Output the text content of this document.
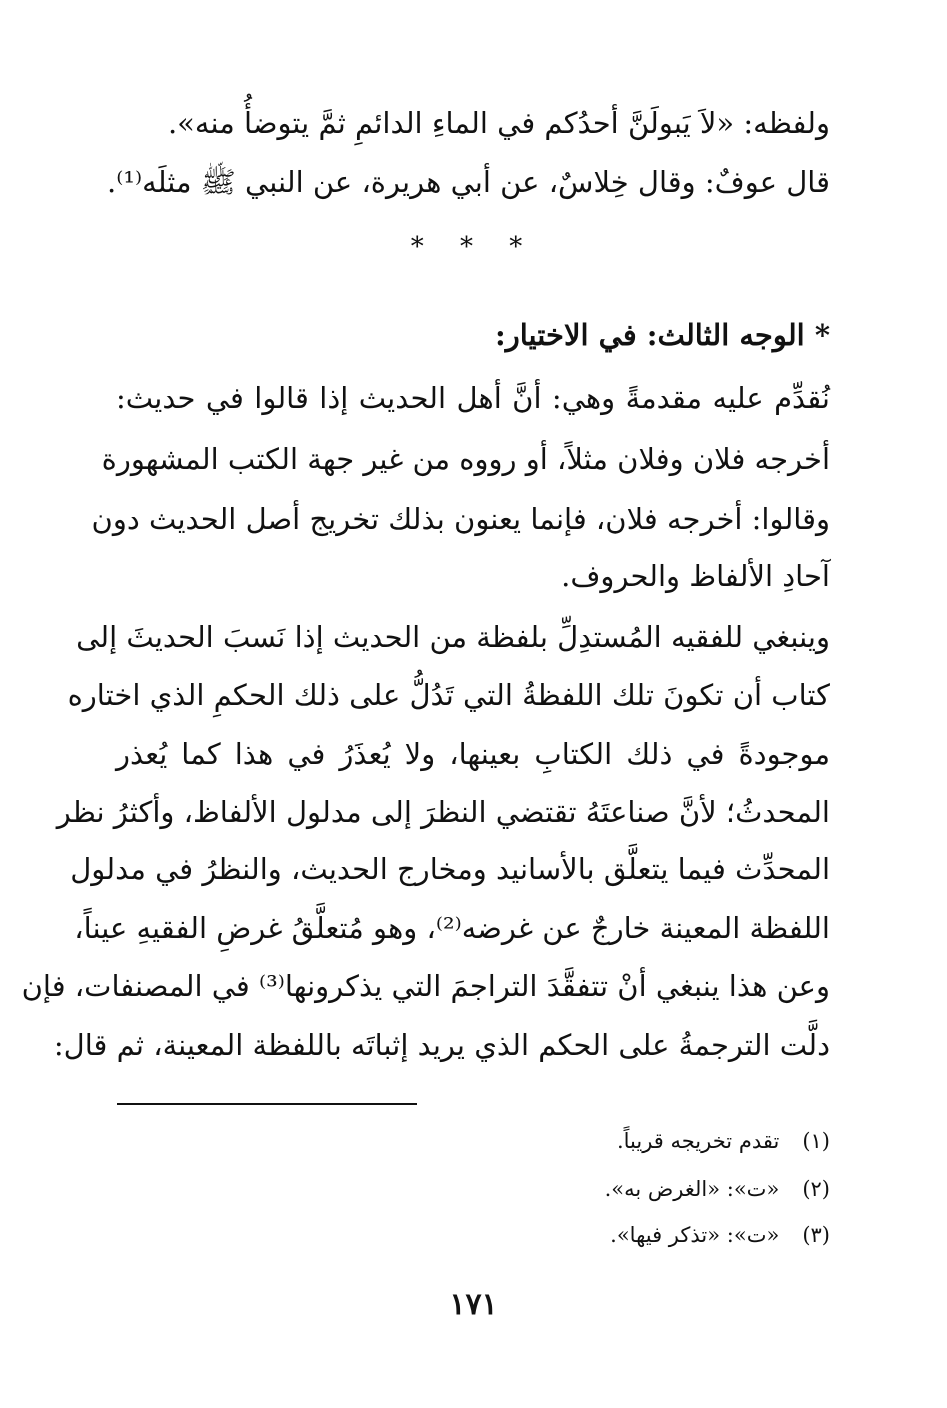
ولفظه: «لاَ يَبولَنَّ أحدُكم في الماءِ الدائمِ ثمَّ يتوضأُ منه».
قال عوفٌ: وقال خِلاسٌ، عن أبي هريرة، عن النبي ﷺ مثلَه⁽¹⁾.
* * *
* الوجه الثالث: في الاختيار:
نُقدِّم عليه مقدمةً وهي: أنَّ أهل الحديث إذا قالوا في حديث:
أخرجه فلان وفلان مثلاً، أو رووه من غير جهة الكتب المشهورة
وقالوا: أخرجه فلان، فإنما يعنون بذلك تخريج أصل الحديث دون
آحادِ الألفاظ والحروف.
وينبغي للفقيه المُستدِلِّ بلفظة من الحديث إذا نَسبَ الحديثَ إلى
كتاب أن تكونَ تلك اللفظةُ التي تَدُلُّ على ذلك الحكمِ الذي اختاره
موجودةً في ذلك الكتابِ بعينها، ولا يُعذَرُ في هذا كما يُعذر
المحدثُ؛ لأنَّ صناعتَهُ تقتضي النظرَ إلى مدلول الألفاظ، وأكثرُ نظر
المحدِّث فيما يتعلَّق بالأسانيد ومخارج الحديث، والنظرُ في مدلول
اللفظة المعينة خارجٌ عن غرضه⁽²⁾، وهو مُتعلَّقُ غرضِ الفقيهِ عيناً،
وعن هذا ينبغي أنْ تتفقَّدَ التراجمَ التي يذكرونها⁽³⁾ في المصنفات، فإن
دلَّت الترجمةُ على الحكم الذي يريد إثباتَه باللفظة المعينة، ثم قال:
(١) تقدم تخريجه قريباً.
(٢) «ت»: «الغرض به».
(٣) «ت»: «تذكر فيها».
١٧١
